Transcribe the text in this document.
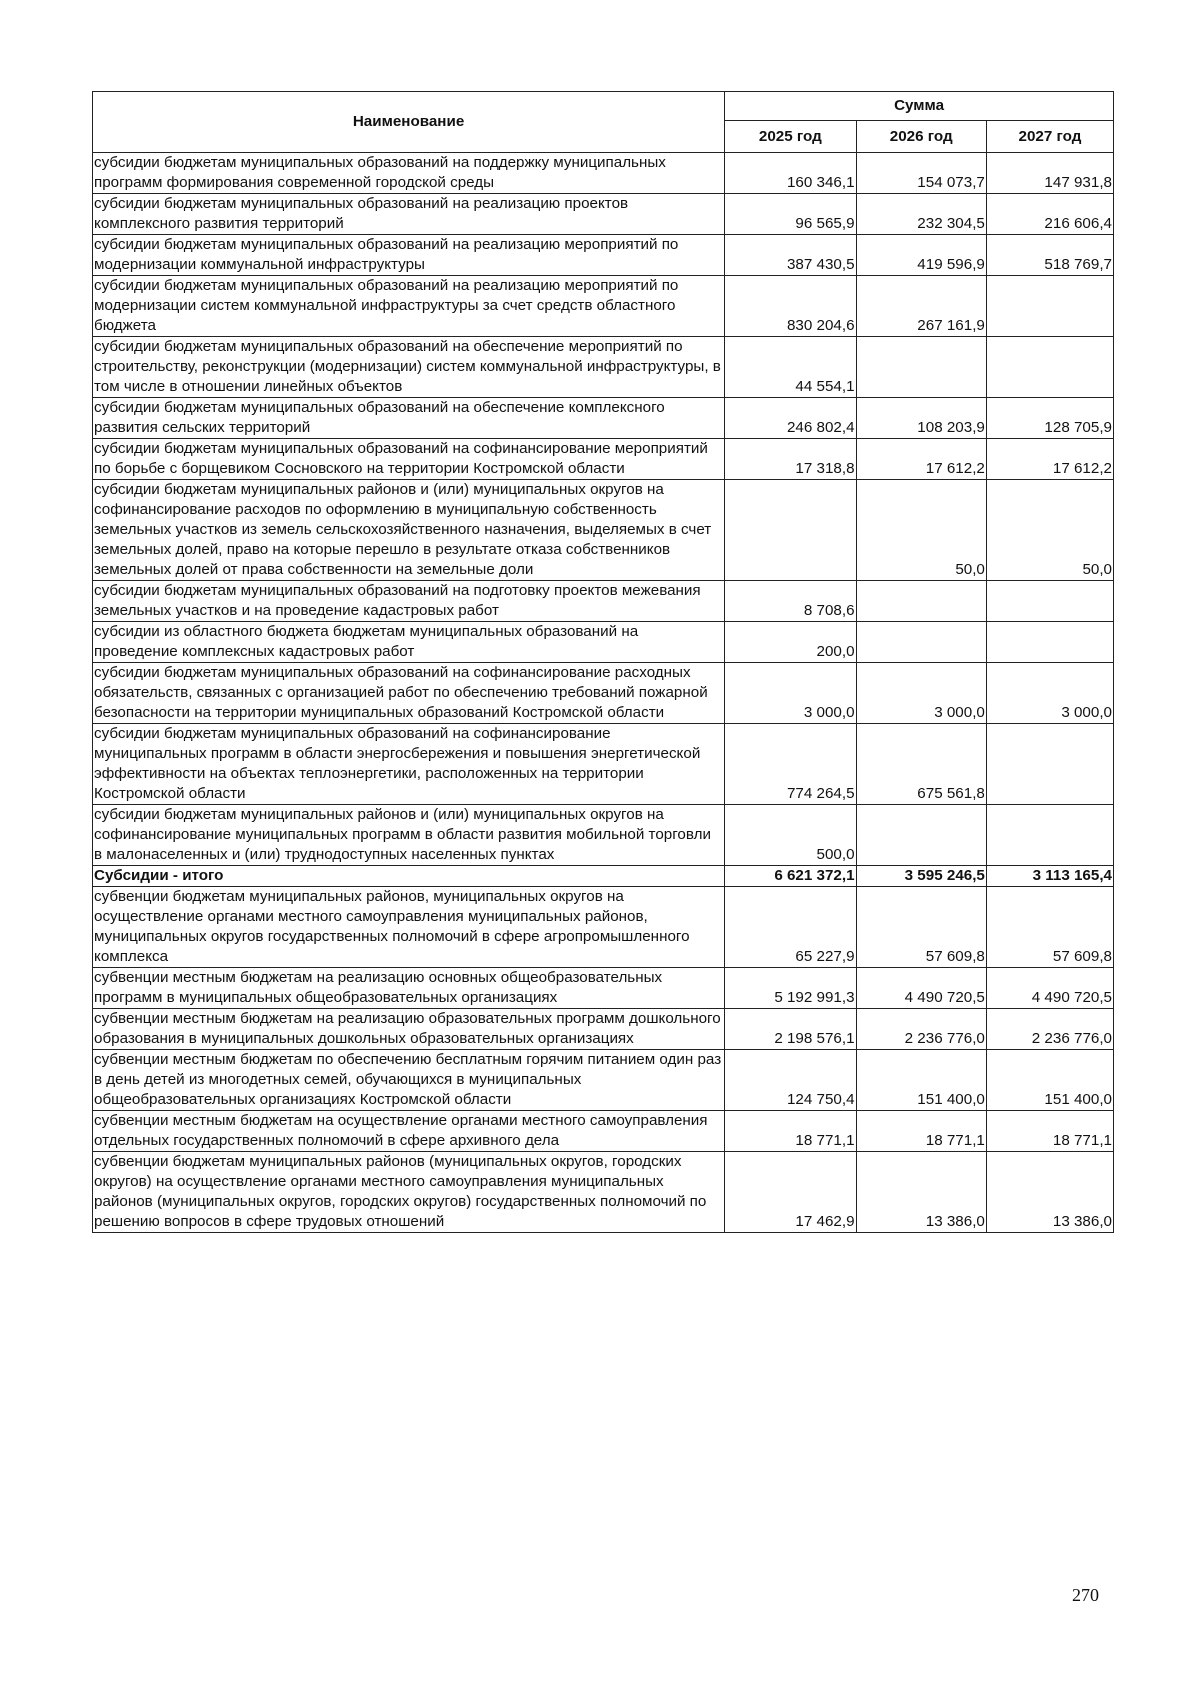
Наименование	Сумма		
	2025 год	2026 год	2027 год
субсидии бюджетам муниципальных образований на поддержку муниципальных программ формирования современной городской среды	160 346,1	154 073,7	147 931,8
субсидии бюджетам муниципальных образований на реализацию проектов комплексного развития территорий	96 565,9	232 304,5	216 606,4
субсидии бюджетам муниципальных образований на реализацию мероприятий по модернизации коммунальной инфраструктуры	387 430,5	419 596,9	518 769,7
субсидии бюджетам муниципальных образований на реализацию мероприятий по модернизации систем коммунальной инфраструктуры за счет средств областного бюджета	830 204,6	267 161,9	
субсидии бюджетам муниципальных образований на обеспечение мероприятий по строительству, реконструкции (модернизации) систем коммунальной инфраструктуры, в том числе в отношении линейных объектов	44 554,1		
субсидии бюджетам муниципальных образований на обеспечение комплексного развития сельских территорий	246 802,4	108 203,9	128 705,9
субсидии бюджетам муниципальных образований на софинансирование мероприятий по борьбе с борщевиком Сосновского на территории Костромской области	17 318,8	17 612,2	17 612,2
субсидии бюджетам муниципальных районов и (или) муниципальных округов на софинансирование расходов по оформлению в муниципальную собственность земельных участков из земель сельскохозяйственного назначения, выделяемых в счет земельных долей, право на которые перешло в результате отказа собственников земельных долей от права собственности на земельные доли		50,0	50,0
субсидии бюджетам муниципальных образований на подготовку проектов межевания земельных участков и на проведение кадастровых работ	8 708,6		
субсидии из областного бюджета бюджетам муниципальных образований на проведение комплексных кадастровых работ	200,0		
субсидии бюджетам муниципальных образований на софинансирование расходных обязательств, связанных с организацией работ по обеспечению требований пожарной безопасности на территории муниципальных образований Костромской области	3 000,0	3 000,0	3 000,0
субсидии бюджетам муниципальных образований на софинансирование муниципальных программ в области энергосбережения и повышения энергетической эффективности на объектах теплоэнергетики, расположенных на территории Костромской области	774 264,5	675 561,8	
субсидии бюджетам муниципальных районов и (или) муниципальных округов на софинансирование муниципальных программ в области развития мобильной торговли в малонаселенных и (или) труднодоступных населенных пунктах	500,0		
Субсидии - итого	6 621 372,1	3 595 246,5	3 113 165,4
субвенции бюджетам муниципальных районов, муниципальных округов на осуществление органами местного самоуправления муниципальных районов, муниципальных округов государственных полномочий в сфере агропромышленного комплекса	65 227,9	57 609,8	57 609,8
субвенции местным бюджетам на реализацию основных общеобразовательных программ в муниципальных общеобразовательных организациях	5 192 991,3	4 490 720,5	4 490 720,5
субвенции местным бюджетам на реализацию образовательных программ дошкольного образования в муниципальных дошкольных образовательных организациях	2 198 576,1	2 236 776,0	2 236 776,0
субвенции местным бюджетам по обеспечению бесплатным горячим питанием один раз в день детей из многодетных семей, обучающихся в муниципальных общеобразовательных организациях Костромской области	124 750,4	151 400,0	151 400,0
субвенции местным бюджетам на осуществление органами местного самоуправления отдельных государственных полномочий в сфере архивного дела	18 771,1	18 771,1	18 771,1
субвенции бюджетам муниципальных районов (муниципальных округов, городских округов) на осуществление органами местного самоуправления муниципальных районов (муниципальных округов, городских округов) государственных полномочий по решению вопросов в сфере трудовых отношений	17 462,9	13 386,0	13 386,0
270
